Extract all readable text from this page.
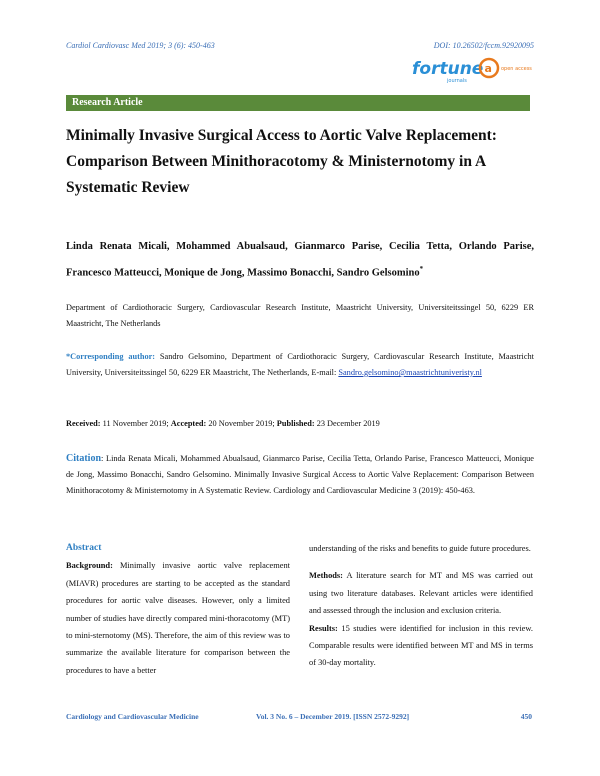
Cardiol Cardiovasc Med 2019; 3 (6): 450-463	DOI: 10.26502/fccm.92920095
fortune
journals
a open access
Research Article
Minimally Invasive Surgical Access to Aortic Valve Replacement: Comparison Between Minithoracotomy & Ministernotomy in A Systematic Review
Linda Renata Micali, Mohammed Abualsaud, Gianmarco Parise, Cecilia Tetta, Orlando Parise, Francesco Matteucci, Monique de Jong, Massimo Bonacchi, Sandro Gelsomino*
Department of Cardiothoracic Surgery, Cardiovascular Research Institute, Maastricht University, Universiteitssingel 50, 6229 ER Maastricht, The Netherlands
*Corresponding author: Sandro Gelsomino, Department of Cardiothoracic Surgery, Cardiovascular Research Institute, Maastricht University, Universiteitssingel 50, 6229 ER Maastricht, The Netherlands, E-mail: Sandro.gelsomino@maastrichtuniveristy.nl
Received: 11 November 2019; Accepted: 20 November 2019; Published: 23 December 2019
Citation: Linda Renata Micali, Mohammed Abualsaud, Gianmarco Parise, Cecilia Tetta, Orlando Parise, Francesco Matteucci, Monique de Jong, Massimo Bonacchi, Sandro Gelsomino. Minimally Invasive Surgical Access to Aortic Valve Replacement: Comparison Between Minithoracotomy & Ministernotomy in A Systematic Review. Cardiology and Cardiovascular Medicine 3 (2019): 450-463.

Abstract

Background: Minimally invasive aortic valve replacement (MIAVR) procedures are starting to be accepted as the standard procedures for aortic valve diseases. However, only a limited number of studies have directly compared mini-thoracotomy (MT) to mini-sternotomy (MS). Therefore, the aim of this review was to summarize the available literature for comparison between the procedures to have a better

understanding of the risks and benefits to guide future procedures.

Methods: A literature search for MT and MS was carried out using two literature databases. Relevant articles were identified and assessed through the inclusion and exclusion criteria.

Results: 15 studies were identified for inclusion in this review. Comparable results were identified between MT and MS in terms of 30-day mortality.

Cardiology and Cardiovascular Medicine	Vol. 3 No. 6 – December 2019. [ISSN 2572-9292]	450
